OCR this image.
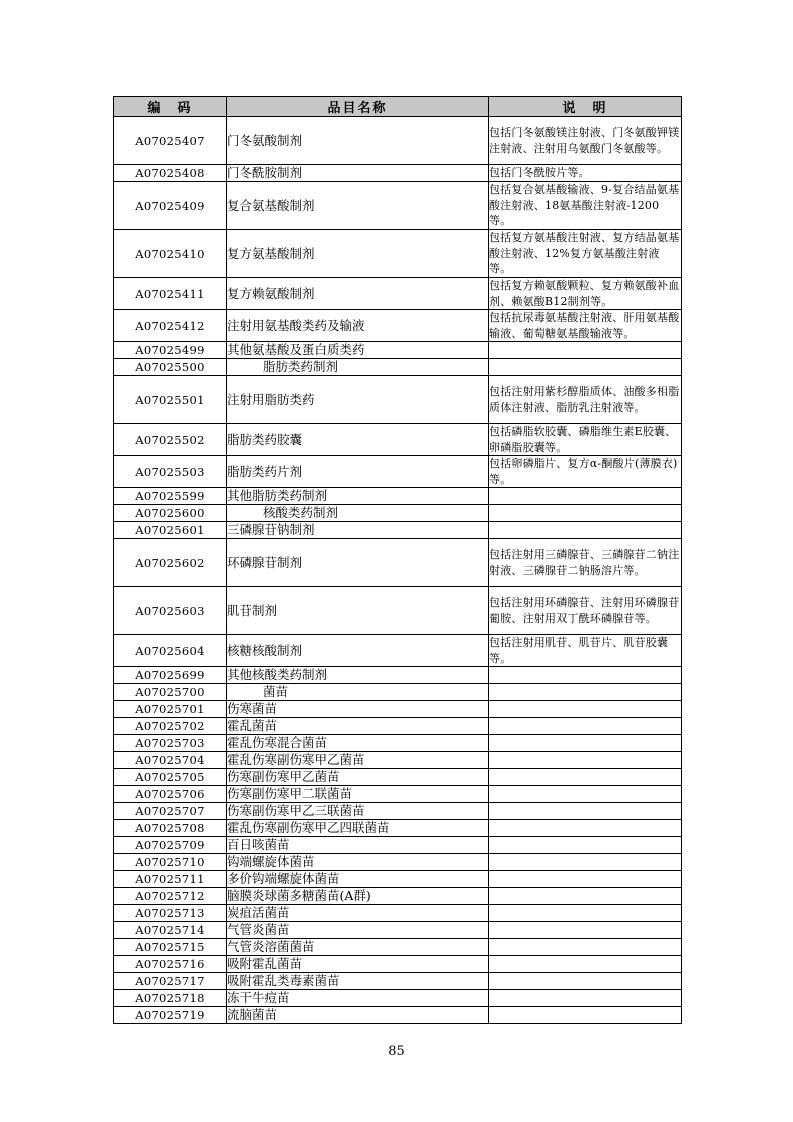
编　码	品目名称	说　明
A07025407	门冬氨酸制剂	包括门冬氨酸镁注射液、门冬氨酸钾镁注射液、注射用乌氨酸门冬氨酸等。
A07025408	门冬酰胺制剂	包括门冬酰胺片等。
A07025409	复合氨基酸制剂	包括复合氨基酸输液、9-复合结晶氨基酸注射液、18氨基酸注射液-1200等。
A07025410	复方氨基酸制剂	包括复方氨基酸注射液、复方结晶氨基酸注射液、12%复方氨基酸注射液等。
A07025411	复方赖氨酸制剂	包括复方赖氨酸颗粒、复方赖氨酸补血剂、赖氨酸B12制剂等。
A07025412	注射用氨基酸类药及输液	包括抗尿毒氨基酸注射液、肝用氨基酸输液、葡萄糖氨基酸输液等。
A07025499	其他氨基酸及蛋白质类药	
A07025500	脂肪类药制剂	
A07025501	注射用脂肪类药	包括注射用紫杉醇脂质体、油酸多相脂质体注射液、脂肪乳注射液等。
A07025502	脂肪类药胶囊	包括磷脂软胶囊、磷脂维生素E胶囊、卵磷脂胶囊等。
A07025503	脂肪类药片剂	包括卵磷脂片、复方α-酮酸片(薄膜衣)等。
A07025599	其他脂肪类药制剂	
A07025600	核酸类药制剂	
A07025601	三磷腺苷钠制剂	
A07025602	环磷腺苷制剂	包括注射用三磷腺苷、三磷腺苷二钠注射液、三磷腺苷二钠肠溶片等。
A07025603	肌苷制剂	包括注射用环磷腺苷、注射用环磷腺苷葡胺、注射用双丁酰环磷腺苷等。
A07025604	核糖核酸制剂	包括注射用肌苷、肌苷片、肌苷胶囊等。
A07025699	其他核酸类药制剂	
A07025700	菌苗	
A07025701	伤寒菌苗	
A07025702	霍乱菌苗	
A07025703	霍乱伤寒混合菌苗	
A07025704	霍乱伤寒副伤寒甲乙菌苗	
A07025705	伤寒副伤寒甲乙菌苗	
A07025706	伤寒副伤寒甲二联菌苗	
A07025707	伤寒副伤寒甲乙三联菌苗	
A07025708	霍乱伤寒副伤寒甲乙四联菌苗	
A07025709	百日咳菌苗	
A07025710	钩端螺旋体菌苗	
A07025711	多价钩端螺旋体菌苗	
A07025712	脑膜炎球菌多糖菌苗(A群)	
A07025713	炭疽活菌苗	
A07025714	气管炎菌苗	
A07025715	气管炎溶菌菌苗	
A07025716	吸附霍乱菌苗	
A07025717	吸附霍乱类毒素菌苗	
A07025718	冻干牛痘苗	
A07025719	流脑菌苗	
85
